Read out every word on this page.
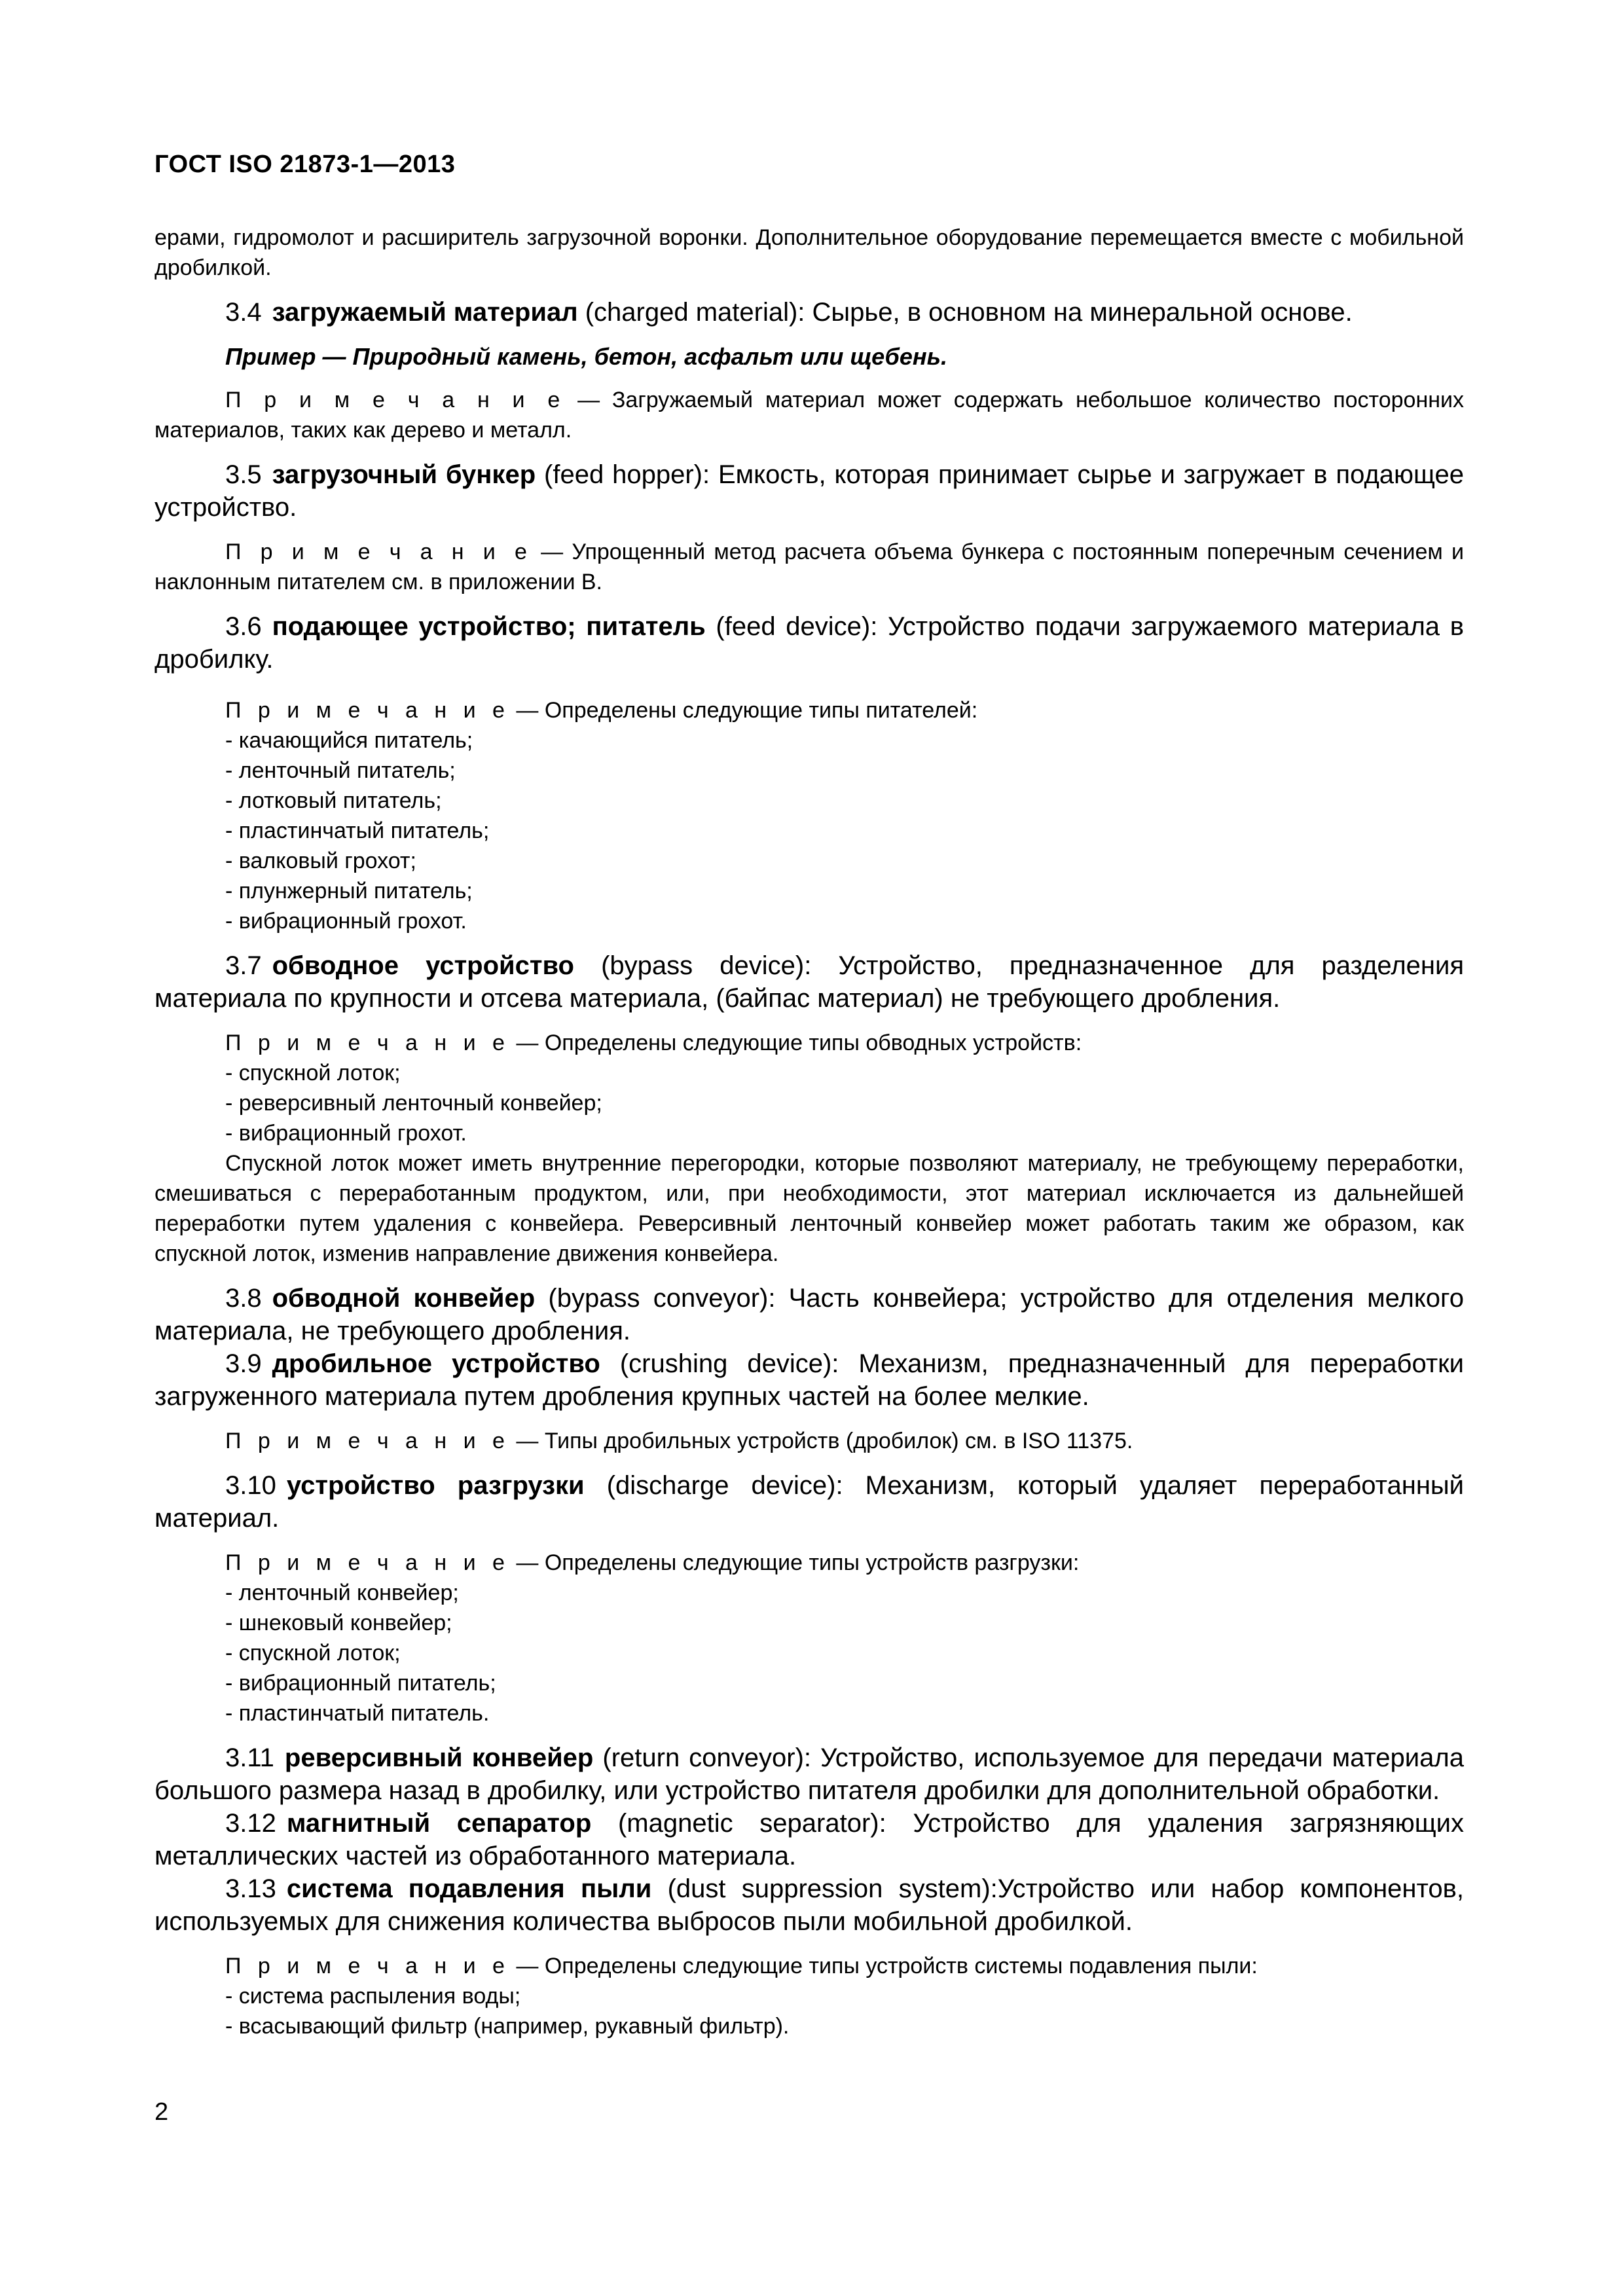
ГОСТ ISO 21873-1—2013

ерами, гидромолот и расширитель загрузочной воронки. Дополнительное оборудование перемещается вместе с мобильной дробилкой.

3.4 загружаемый материал (charged material): Сырье, в основном на минеральной основе.

Пример — Природный камень, бетон, асфальт или щебень.

П р и м е ч а н и е — Загружаемый материал может содержать небольшое количество посторонних материалов, таких как дерево и металл.

3.5 загрузочный бункер (feed hopper): Емкость, которая принимает сырье и загружает в подающее устройство.

П р и м е ч а н и е — Упрощенный метод расчета объема бункера с постоянным поперечным сечением и наклонным питателем см. в приложении В.

3.6 подающее устройство; питатель (feed device): Устройство подачи загружаемого материала в дробилку.

П р и м е ч а н и е — Определены следующие типы питателей:

- качающийся питатель;
- ленточный питатель;
- лотковый питатель;
- пластинчатый питатель;
- валковый грохот;
- плунжерный питатель;
- вибрационный грохот.

3.7 обводное устройство (bypass device): Устройство, предназначенное для разделения материала по крупности и отсева материала, (байпас материал) не требующего дробления.

П р и м е ч а н и е — Определены следующие типы обводных устройств:

- спускной лоток;
- реверсивный ленточный конвейер;
- вибрационный грохот.

Спускной лоток может иметь внутренние перегородки, которые позволяют материалу, не требующему переработки, смешиваться с переработанным продуктом, или, при необходимости, этот материал исключается из дальнейшей переработки путем удаления с конвейера. Реверсивный ленточный конвейер может работать таким же образом, как спускной лоток, изменив направление движения конвейера.

3.8 обводной конвейер (bypass conveyor): Часть конвейера; устройство для отделения мелкого материала, не требующего дробления.

3.9 дробильное устройство (crushing device): Механизм, предназначенный для переработки загруженного материала путем дробления крупных частей на более мелкие.

П р и м е ч а н и е — Типы дробильных устройств (дробилок) см. в ISO 11375.

3.10 устройство разгрузки (discharge device): Механизм, который удаляет переработанный материал.

П р и м е ч а н и е — Определены следующие типы устройств разгрузки:

- ленточный конвейер;
- шнековый конвейер;
- спускной лоток;
- вибрационный питатель;
- пластинчатый питатель.

3.11 реверсивный конвейер (return conveyor): Устройство, используемое для передачи материала большого размера назад в дробилку, или устройство питателя дробилки для дополнительной обработки.

3.12 магнитный сепаратор (magnetic separator): Устройство для удаления загрязняющих металлических частей из обработанного материала.

3.13 система подавления пыли (dust suppression system):Устройство или набор компонентов, используемых для снижения количества выбросов пыли мобильной дробилкой.

П р и м е ч а н и е — Определены следующие типы устройств системы подавления пыли:

- система распыления воды;
- всасывающий фильтр (например, рукавный фильтр).
2
